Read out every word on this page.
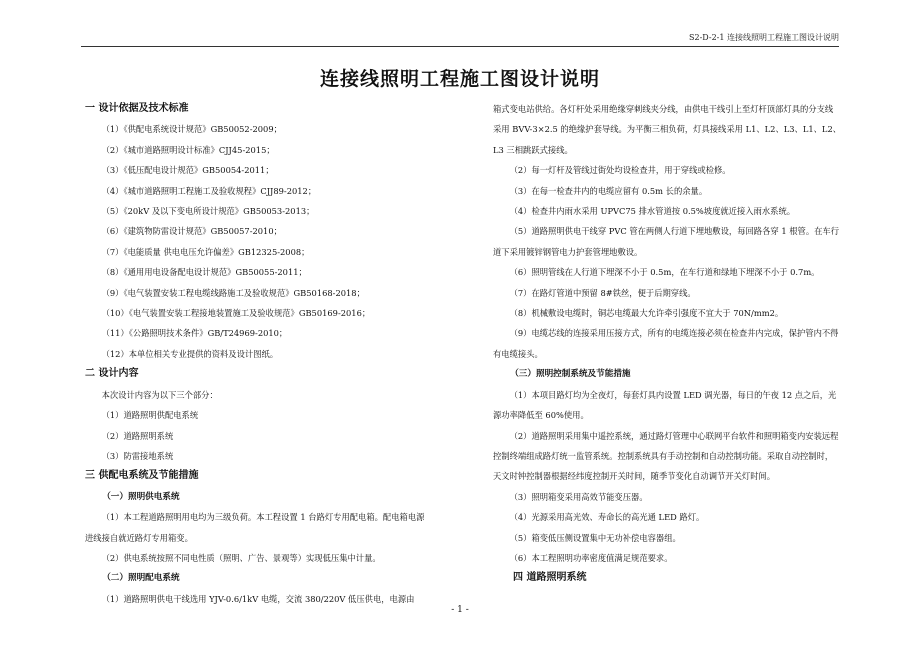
S2-D-2-1 连接线照明工程施工图设计说明
连接线照明工程施工图设计说明

一 设计依据及技术标准

（1）《供配电系统设计规范》GB50052-2009；

（2）《城市道路照明设计标准》CJJ45-2015；

（3）《低压配电设计规范》GB50054-2011；

（4）《城市道路照明工程施工及验收规程》CJJ89-2012；

（5）《20kV 及以下变电所设计规范》GB50053-2013；

（6）《建筑物防雷设计规范》GB50057-2010；

（7）《电能质量 供电电压允许偏差》GB12325-2008；

（8）《通用用电设备配电设计规范》GB50055-2011；

（9）《电气装置安装工程电缆线路施工及验收规范》GB50168-2018；

（10）《电气装置安装工程接地装置施工及验收规范》GB50169-2016；

（11）《公路照明技术条件》GB/T24969-2010；

（12）本单位相关专业提供的资料及设计图纸。

二 设计内容

本次设计内容为以下三个部分：

（1）道路照明供配电系统

（2）道路照明系统

（3）防雷接地系统

三 供配电系统及节能措施

（一）照明供电系统

（1）本工程道路照明用电均为三级负荷。本工程设置 1 台路灯专用配电箱。配电箱电源进线接自就近路灯专用箱变。

（2）供电系统按照不同电性质（照明、广告、景观等）实现低压集中计量。

（二）照明配电系统

（1）道路照明供电干线选用 YJV-0.6/1kV 电缆，交流 380/220V 低压供电，电源由

箱式变电站供给。各灯杆处采用绝缘穿刺线夹分线，由供电干线引上至灯杆顶部灯具的分支线采用 BVV-3×2.5 的绝缘护套导线。为平衡三相负荷，灯具接线采用 L1、L2、L3、L1、L2、L3 三相跳跃式接线。

（2）每一灯杆及管线过街处均设检查井，用于穿线或检修。

（3）在每一检查井内的电缆应留有 0.5m 长的余量。

（4）检查井内雨水采用 UPVC75 排水管道按 0.5%坡度就近接入雨水系统。

（5）道路照明供电干线穿 PVC 管在两侧人行道下埋地敷设，每回路各穿 1 根管。在车行道下采用镀锌钢管电力护套管埋地敷设。

（6）照明管线在人行道下埋深不小于 0.5m，在车行道和绿地下埋深不小于 0.7m。

（7）在路灯管道中预留 8#铁丝，便于后期穿线。

（8）机械敷设电缆时，铜芯电缆最大允许牵引强度不宜大于 70N/mm2。

（9）电缆芯线的连接采用压接方式，所有的电缆连接必须在检查井内完成，保护管内不得有电缆接头。

（三）照明控制系统及节能措施

（1）本项目路灯均为全夜灯，每套灯具内设置 LED 调光器，每日的午夜 12 点之后，光源功率降低至 60%使用。

（2）道路照明采用集中遥控系统，通过路灯管理中心联网平台软件和照明箱变内安装远程控制终端组成路灯统一监管系统。控制系统具有手动控制和自动控制功能。采取自动控制时，天文时钟控制器根据经纬度控制开关时间，随季节变化自动调节开关灯时间。

（3）照明箱变采用高效节能变压器。

（4）光源采用高光效、寿命长的高光通 LED 路灯。

（5）箱变低压侧设置集中无功补偿电容器组。

（6）本工程照明功率密度值满足规范要求。

四 道路照明系统

- 1 -
